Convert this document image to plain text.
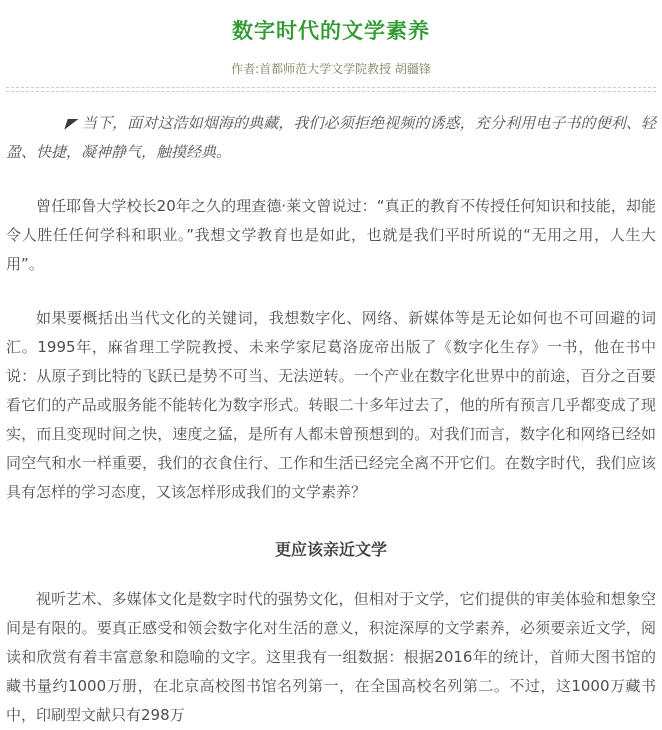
数字时代的文学素养
作者:首都师范大学文学院教授 胡疆锋

◤ 当下，面对这浩如烟海的典藏，我们必须拒绝视频的诱惑，充分利用电子书的便利、轻盈、快捷，凝神静气，触摸经典。

曾任耶鲁大学校长20年之久的理查德·莱文曾说过：“真正的教育不传授任何知识和技能，却能令人胜任任何学科和职业。”我想文学教育也是如此，也就是我们平时所说的“无用之用，人生大用”。

如果要概括出当代文化的关键词，我想数字化、网络、新媒体等是无论如何也不可回避的词汇。1995年，麻省理工学院教授、未来学家尼葛洛庞帝出版了《数字化生存》一书，他在书中说：从原子到比特的飞跃已是势不可当、无法逆转。一个产业在数字化世界中的前途，百分之百要看它们的产品或服务能不能转化为数字形式。转眼二十多年过去了，他的所有预言几乎都变成了现实，而且变现时间之快，速度之猛，是所有人都未曾预想到的。对我们而言，数字化和网络已经如同空气和水一样重要，我们的衣食住行、工作和生活已经完全离不开它们。在数字时代，我们应该具有怎样的学习态度，又该怎样形成我们的文学素养？

更应该亲近文学

视听艺术、多媒体文化是数字时代的强势文化，但相对于文学，它们提供的审美体验和想象空间是有限的。要真正感受和领会数字化对生活的意义，积淀深厚的文学素养，必须要亲近文学，阅读和欣赏有着丰富意象和隐喻的文字。这里我有一组数据：根据2016年的统计，首师大图书馆的藏书量约1000万册，在北京高校图书馆名列第一，在全国高校名列第二。不过，这1000万藏书中，印刷型文献只有298万
